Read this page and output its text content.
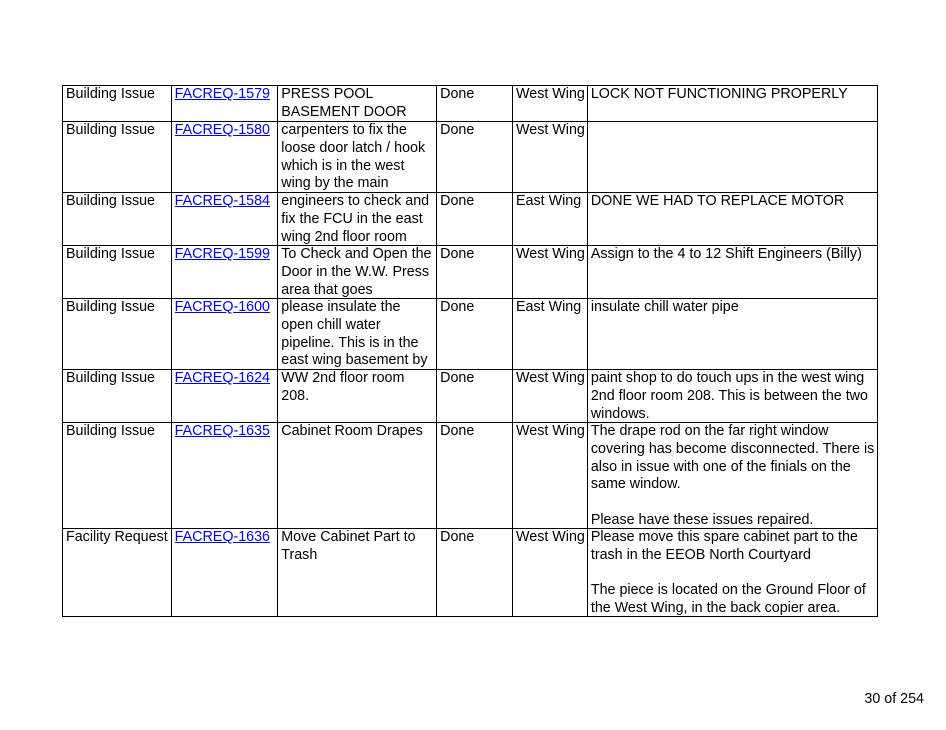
Building Issue	FACREQ-1579	PRESS POOL BASEMENT DOOR	Done	West Wing	LOCK NOT FUNCTIONING PROPERLY

Building Issue	FACREQ-1580	carpenters to fix the loose door latch / hook which is in the west wing by the main	Done	West Wing	

Building Issue	FACREQ-1584	engineers to check and fix the FCU in the east wing 2nd floor room	Done	East Wing	DONE WE HAD TO REPLACE MOTOR

Building Issue	FACREQ-1599	To Check and Open the Door in the W.W. Press area that goes	Done	West Wing	Assign to the 4 to 12 Shift Engineers (Billy)

Building Issue	FACREQ-1600	please insulate the open chill water pipeline. This is in the east wing basement by	Done	East Wing	insulate chill water pipe

Building Issue	FACREQ-1624	WW 2nd floor room 208.	Done	West Wing	paint shop to do touch ups in the west wing 2nd floor room 208. This is between the two windows.

Building Issue	FACREQ-1635	Cabinet Room Drapes	Done	West Wing	The drape rod on the far right window covering has become disconnected. There is also in issue with one of the finials on the same window.
Please have these issues repaired.

Facility Request	FACREQ-1636	Move Cabinet Part to Trash	Done	West Wing	Please move this spare cabinet part to the trash in the EEOB North Courtyard
The piece is located on the Ground Floor of the West Wing, in the back copier area.
30 of 254
